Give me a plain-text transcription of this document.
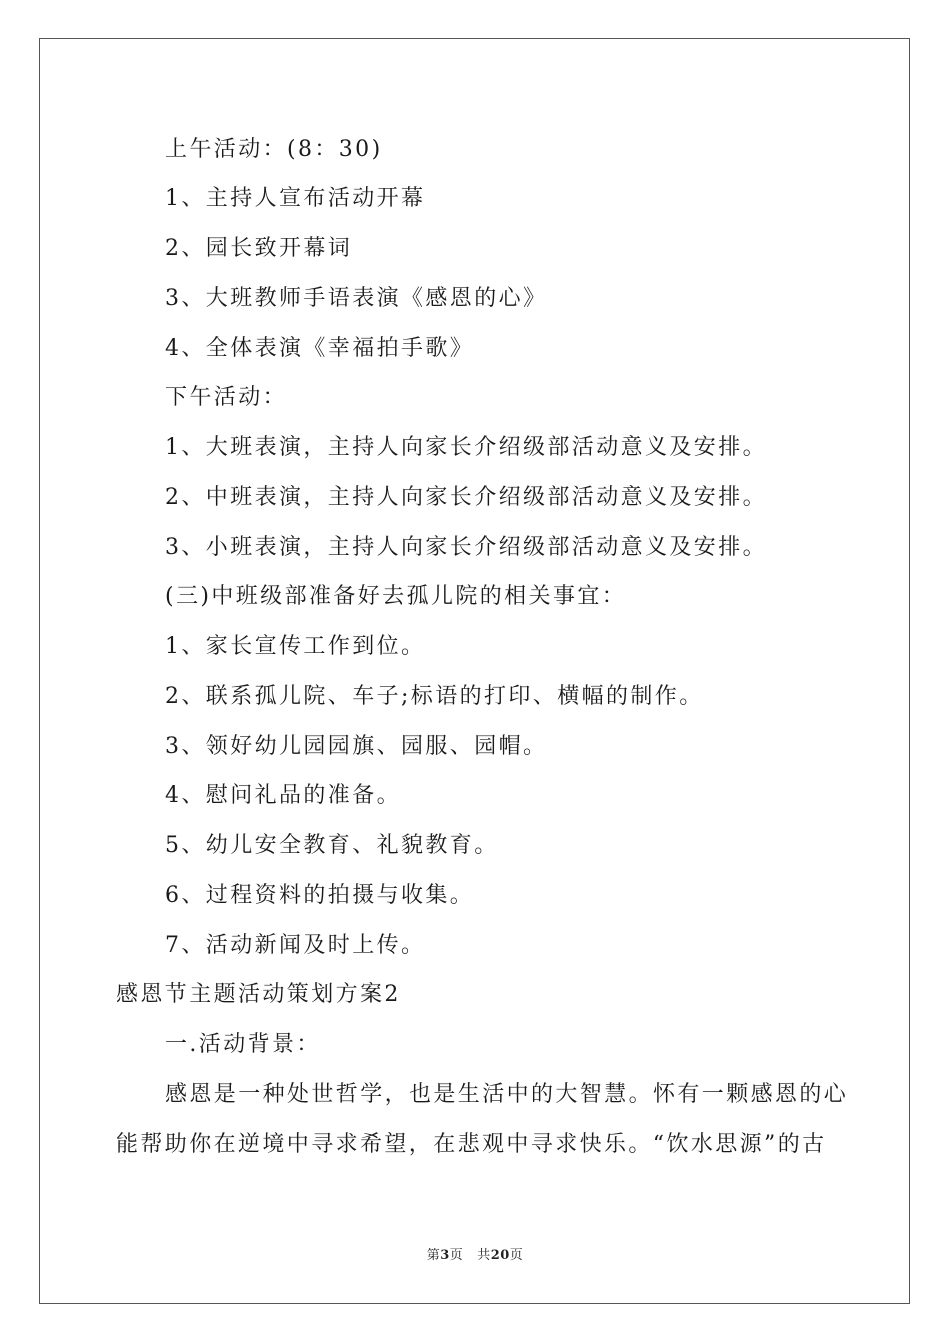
上午活动：(8：30)
1、主持人宣布活动开幕
2、园长致开幕词
3、大班教师手语表演《感恩的心》
4、全体表演《幸福拍手歌》
下午活动：
1、大班表演，主持人向家长介绍级部活动意义及安排。
2、中班表演，主持人向家长介绍级部活动意义及安排。
3、小班表演，主持人向家长介绍级部活动意义及安排。
(三)中班级部准备好去孤儿院的相关事宜：
1、家长宣传工作到位。
2、联系孤儿院、车子;标语的打印、横幅的制作。
3、领好幼儿园园旗、园服、园帽。
4、慰问礼品的准备。
5、幼儿安全教育、礼貌教育。
6、过程资料的拍摄与收集。
7、活动新闻及时上传。
感恩节主题活动策划方案2
一.活动背景：
感恩是一种处世哲学，也是生活中的大智慧。怀有一颗感恩的心
能帮助你在逆境中寻求希望，在悲观中寻求快乐。“饮水思源”的古
第3页 共20页
